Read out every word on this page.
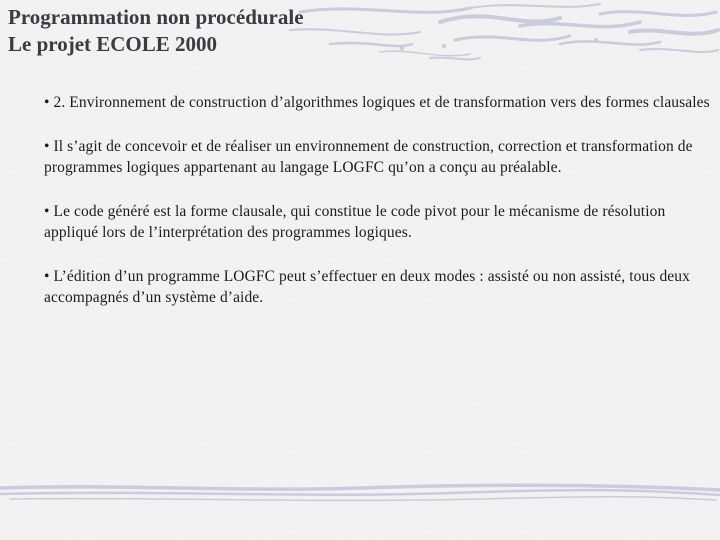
Programmation non procédurale
Le projet ECOLE 2000

• 2. Environnement de construction d’algorithmes logiques et de transformation vers des formes clausales

• Il s’agit de concevoir et de réaliser un environnement de construction, correction et transformation de programmes logiques appartenant au langage LOGFC qu’on a conçu au préalable.

• Le code généré est la forme clausale, qui constitue le code pivot pour le mécanisme de résolution appliqué lors de l’interprétation des programmes logiques.

• L’édition d’un programme LOGFC peut s’effectuer en deux modes : assisté ou non assisté, tous deux accompagnés d’un système d’aide.
